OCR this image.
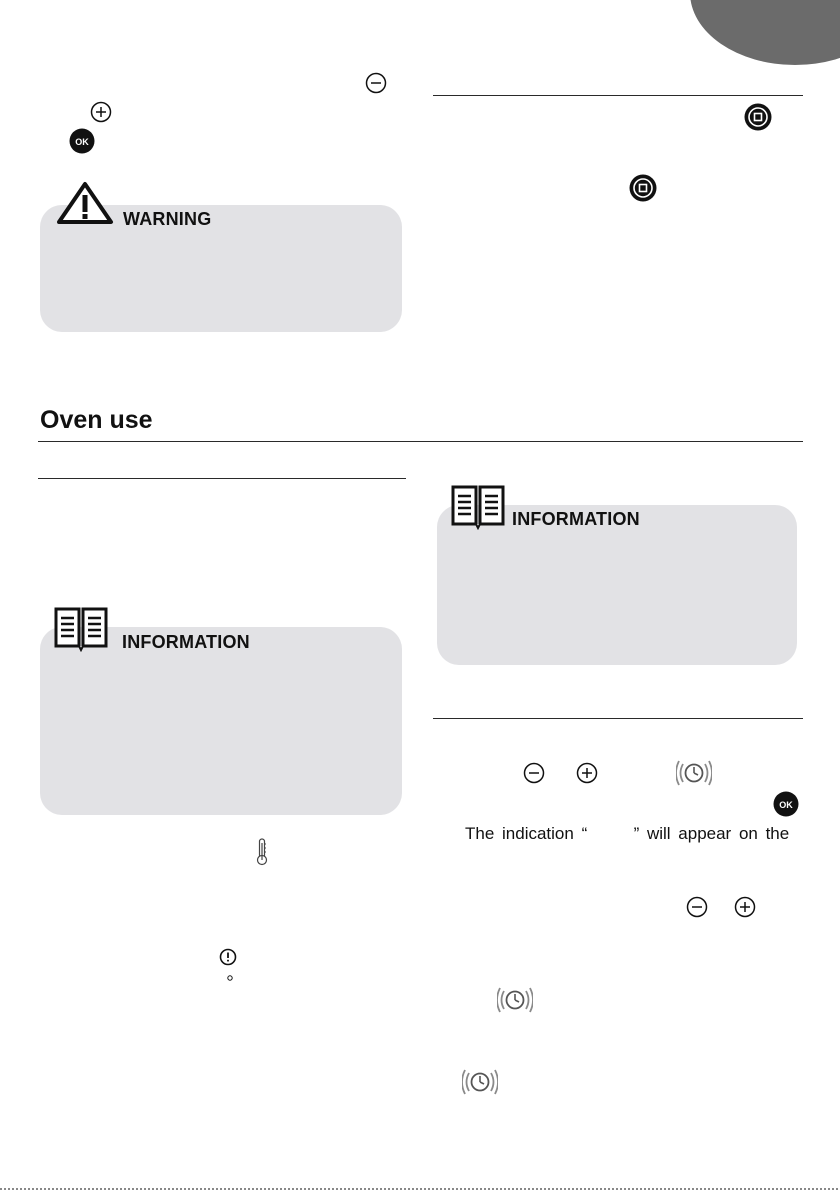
OK
WARNING
Oven use
INFORMATION
INFORMATION
OK
The indication “      ” will appear on the
